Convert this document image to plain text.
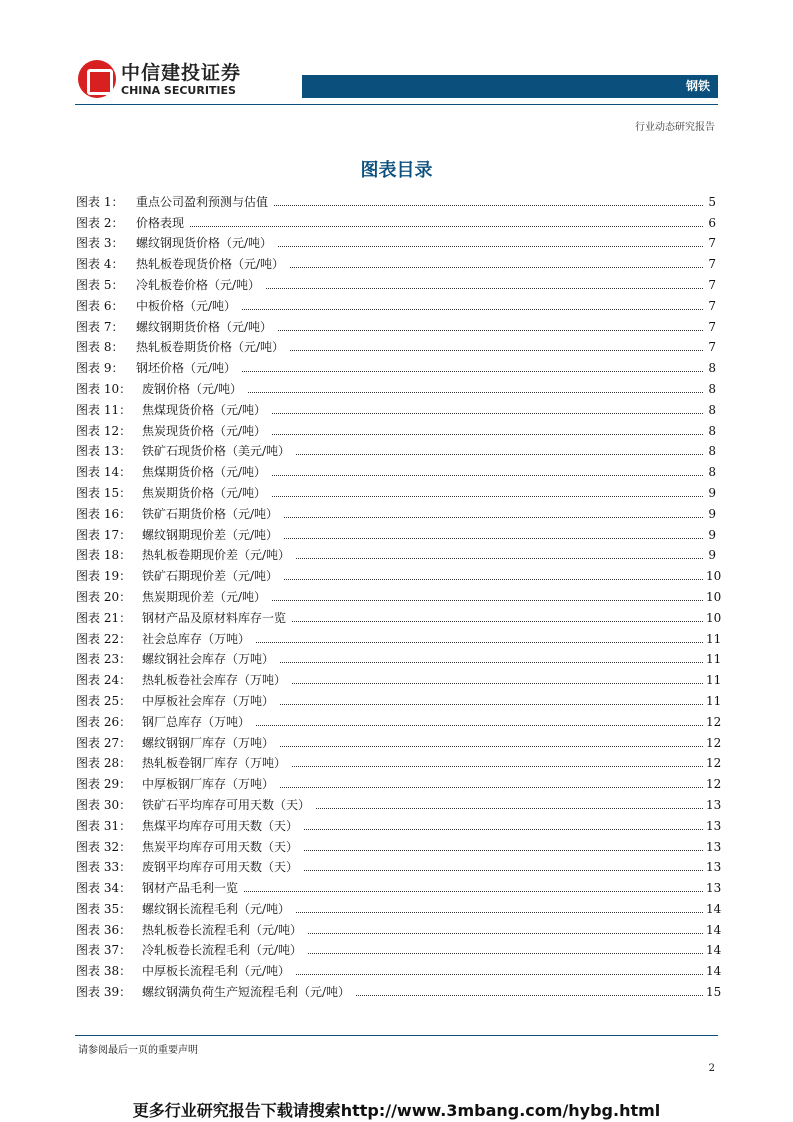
中信建投证券
CHINA SECURITIES	钢铁
行业动态研究报告
图表目录
图表 1：	重点公司盈利预测与估值	5
图表 2：	价格表现	6
图表 3：	螺纹钢现货价格（元/吨）	7
图表 4：	热轧板卷现货价格（元/吨）	7
图表 5：	冷轧板卷价格（元/吨）	7
图表 6：	中板价格（元/吨）	7
图表 7：	螺纹钢期货价格（元/吨）	7
图表 8：	热轧板卷期货价格（元/吨）	7
图表 9：	钢坯价格（元/吨）	8
图表 10： 废钢价格（元/吨）	8
图表 11： 焦煤现货价格（元/吨）	8
图表 12： 焦炭现货价格（元/吨）	8
图表 13： 铁矿石现货价格（美元/吨）	8
图表 14： 焦煤期货价格（元/吨）	8
图表 15： 焦炭期货价格（元/吨）	9
图表 16： 铁矿石期货价格（元/吨）	9
图表 17： 螺纹钢期现价差（元/吨）	9
图表 18： 热轧板卷期现价差（元/吨）	9
图表 19： 铁矿石期现价差（元/吨）	10
图表 20： 焦炭期现价差（元/吨）	10
图表 21： 钢材产品及原材料库存一览	10
图表 22： 社会总库存（万吨）	11
图表 23： 螺纹钢社会库存（万吨）	11
图表 24： 热轧板卷社会库存（万吨）	11
图表 25： 中厚板社会库存（万吨）	11
图表 26： 钢厂总库存（万吨）	12
图表 27： 螺纹钢钢厂库存（万吨）	12
图表 28： 热轧板卷钢厂库存（万吨）	12
图表 29： 中厚板钢厂库存（万吨）	12
图表 30： 铁矿石平均库存可用天数（天）	13
图表 31： 焦煤平均库存可用天数（天）	13
图表 32： 焦炭平均库存可用天数（天）	13
图表 33： 废钢平均库存可用天数（天）	13
图表 34： 钢材产品毛利一览	13
图表 35： 螺纹钢长流程毛利（元/吨）	14
图表 36： 热轧板卷长流程毛利（元/吨）	14
图表 37： 冷轧板卷长流程毛利（元/吨）	14
图表 38： 中厚板长流程毛利（元/吨）	14
图表 39： 螺纹钢满负荷生产短流程毛利（元/吨）	15
请参阅最后一页的重要声明
2
更多行业研究报告下载请搜索http://www.3mbang.com/hybg.html
